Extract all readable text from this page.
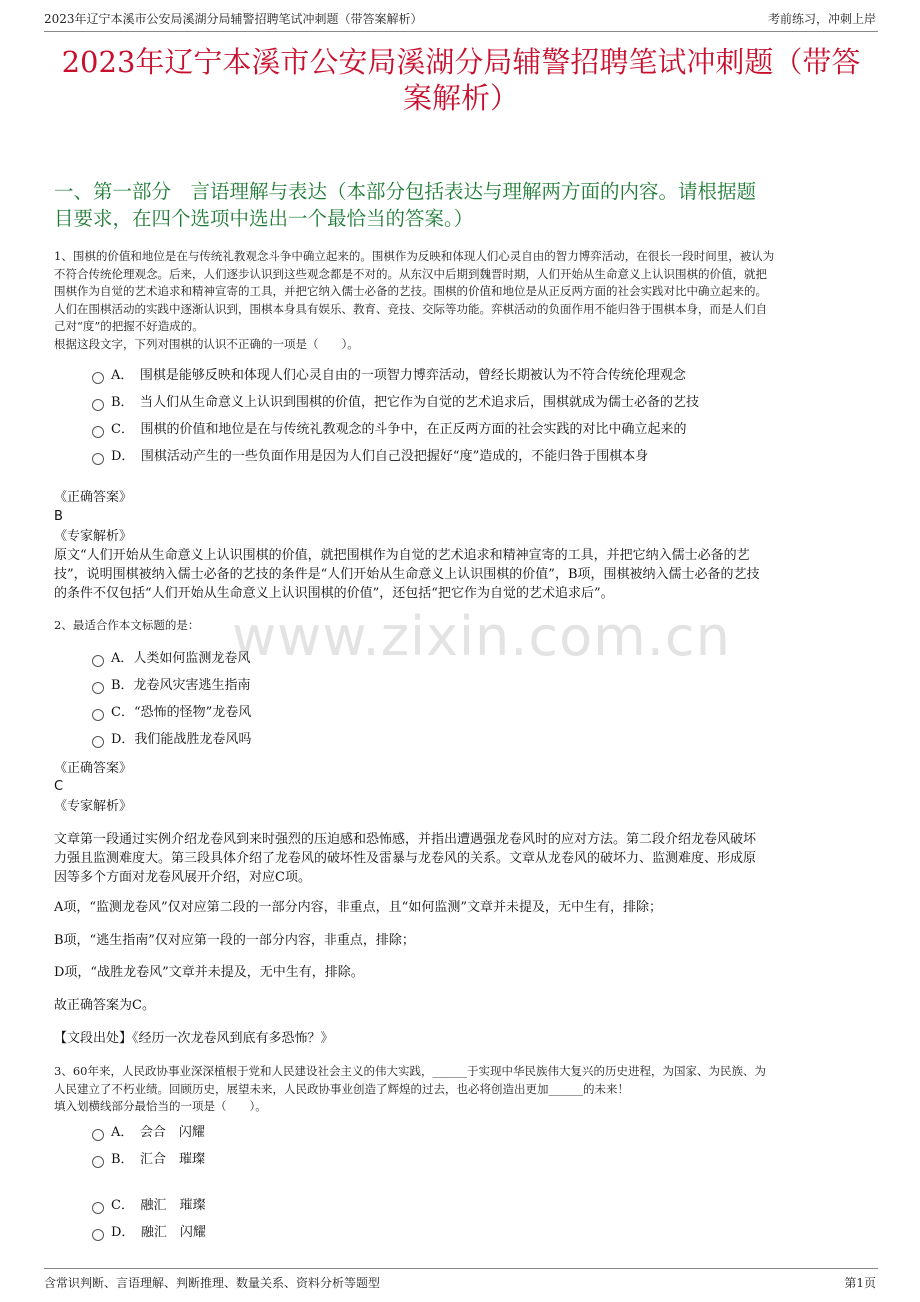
2023年辽宁本溪市公安局溪湖分局辅警招聘笔试冲刺题（带答案解析）	考前练习，冲刺上岸
2023年辽宁本溪市公安局溪湖分局辅警招聘笔试冲刺题（带答
案解析）
一、第一部分　言语理解与表达（本部分包括表达与理解两方面的内容。请根据题
目要求，在四个选项中选出一个最恰当的答案。）
1、围棋的价值和地位是在与传统礼教观念斗争中确立起来的。围棋作为反映和体现人们心灵自由的智力博弈活动，在很长一段时间里，被认为
不符合传统伦理观念。后来，人们逐步认识到这些观念都是不对的。从东汉中后期到魏晋时期，人们开始从生命意义上认识围棋的价值，就把
围棋作为自觉的艺术追求和精神宣寄的工具，并把它纳入儒士必备的艺技。围棋的价值和地位是从正反两方面的社会实践对比中确立起来的。
人们在围棋活动的实践中逐渐认识到，围棋本身具有娱乐、教育、竞技、交际等功能。弈棋活动的负面作用不能归咎于围棋本身，而是人们自
己对“度”的把握不好造成的。
根据这段文字，下列对围棋的认识不正确的一项是（　　）。
A．　围棋是能够反映和体现人们心灵自由的一项智力博弈活动，曾经长期被认为不符合传统伦理观念
B．　当人们从生命意义上认识到围棋的价值，把它作为自觉的艺术追求后，围棋就成为儒士必备的艺技
C．　围棋的价值和地位是在与传统礼教观念的斗争中，在正反两方面的社会实践的对比中确立起来的
D．　围棋活动产生的一些负面作用是因为人们自己没把握好“度”造成的，不能归咎于围棋本身
《正确答案》
B
《专家解析》
原文“人们开始从生命意义上认识围棋的价值，就把围棋作为自觉的艺术追求和精神宣寄的工具，并把它纳入儒士必备的艺
技”，说明围棋被纳入儒士必备的艺技的条件是“人们开始从生命意义上认识围棋的价值”，B项，围棋被纳入儒士必备的艺技
的条件不仅包括“人们开始从生命意义上认识围棋的价值”，还包括“把它作为自觉的艺术追求后”。
www.zixin.com.cn
2、最适合作本文标题的是：
A．人类如何监测龙卷风
B．龙卷风灾害逃生指南
C．“恐怖的怪物”龙卷风
D．我们能战胜龙卷风吗
《正确答案》
C
《专家解析》
文章第一段通过实例介绍龙卷风到来时强烈的压迫感和恐怖感，并指出遭遇强龙卷风时的应对方法。第二段介绍龙卷风破坏
力强且监测难度大。第三段具体介绍了龙卷风的破坏性及雷暴与龙卷风的关系。文章从龙卷风的破坏力、监测难度、形成原
因等多个方面对龙卷风展开介绍，对应C项。
A项，“监测龙卷风”仅对应第二段的一部分内容，非重点，且“如何监测”文章并未提及，无中生有，排除；
B项，“逃生指南”仅对应第一段的一部分内容，非重点，排除；
D项，“战胜龙卷风”文章并未提及，无中生有，排除。
故正确答案为C。
【文段出处】《经历一次龙卷风到底有多恐怖？》
3、60年来，人民政协事业深深植根于党和人民建设社会主义的伟大实践，______于实现中华民族伟大复兴的历史进程，为国家、为民族、为
人民建立了不朽业绩。回顾历史，展望未来，人民政协事业创造了辉煌的过去，也必将创造出更加______的未来！
填入划横线部分最恰当的一项是（　　）。
A．　会合　闪耀
B．　汇合　璀璨
C．　融汇　璀璨
D．　融汇　闪耀
含常识判断、言语理解、判断推理、数量关系、资料分析等题型	第1页
